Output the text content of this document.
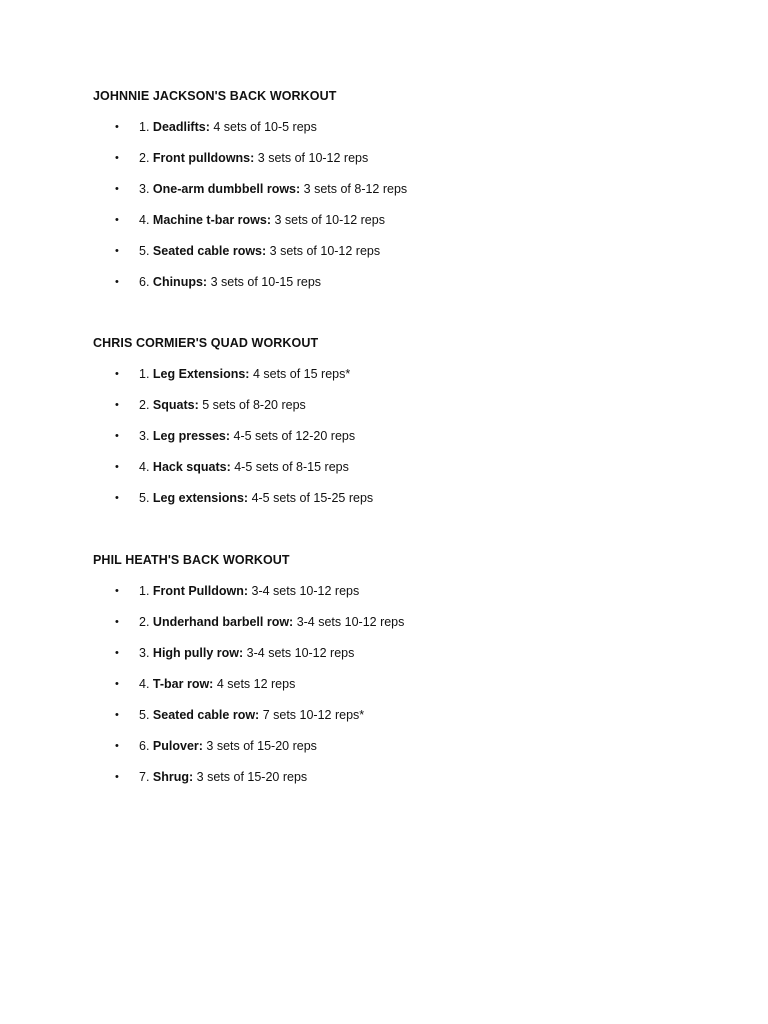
JOHNNIE JACKSON'S BACK WORKOUT
•	1. Deadlifts: 4 sets of 10-5 reps
•	2. Front pulldowns: 3 sets of 10-12 reps
•	3. One-arm dumbbell rows: 3 sets of 8-12 reps
•	4. Machine t-bar rows: 3 sets of 10-12 reps
•	5. Seated cable rows: 3 sets of 10-12 reps
•	6. Chinups: 3 sets of 10-15 reps
CHRIS CORMIER'S QUAD WORKOUT
•	1. Leg Extensions: 4 sets of 15 reps*
•	2. Squats: 5 sets of 8-20 reps
•	3. Leg presses: 4-5 sets of 12-20 reps
•	4. Hack squats: 4-5 sets of 8-15 reps
•	5. Leg extensions: 4-5 sets of 15-25 reps
PHIL HEATH'S BACK WORKOUT
•	1. Front Pulldown: 3-4 sets 10-12 reps
•	2. Underhand barbell row: 3-4 sets 10-12 reps
•	3. High pully row: 3-4 sets 10-12 reps
•	4. T-bar row: 4 sets 12 reps
•	5. Seated cable row: 7 sets 10-12 reps*
•	6. Pulover: 3 sets of 15-20 reps
•	7. Shrug: 3 sets of 15-20 reps
